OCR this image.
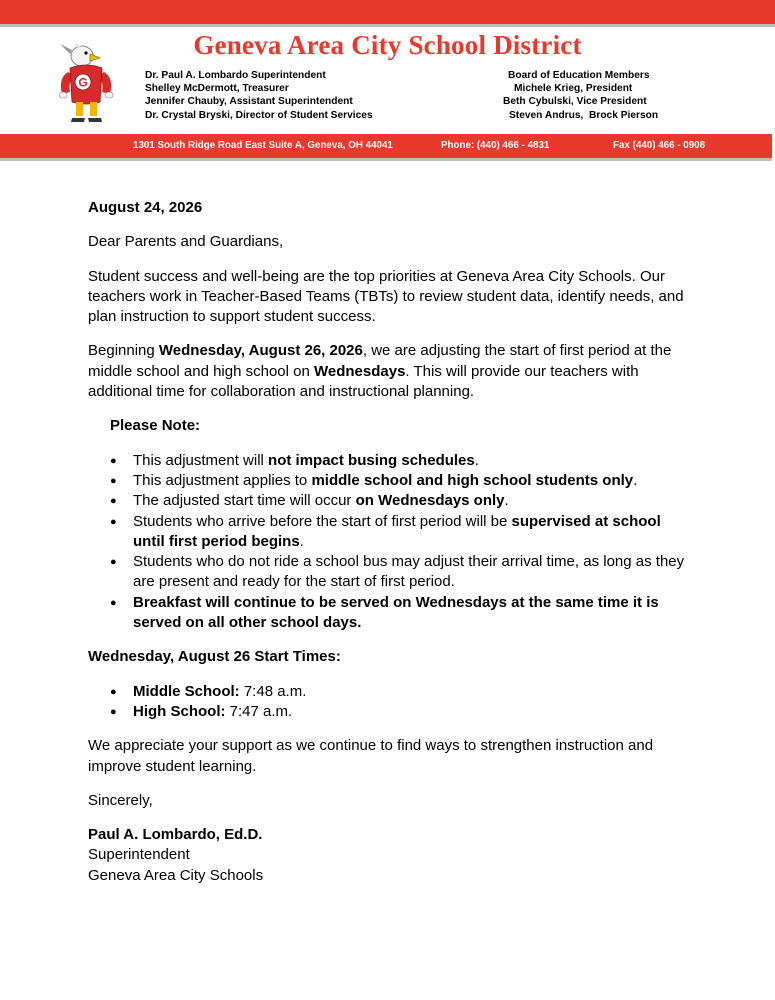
Geneva Area City School District
G	Dr. Paul A. Lombardo Superintendent
Shelley McDermott, Treasurer
Jennifer Chauby, Assistant Superintendent
Dr. Crystal Bryski, Director of Student Services
Board of Education Members
Michele Krieg, President
Beth Cybulski, Vice President
Steven Andrus,  Brock Pierson
1301 South Ridge Road East Suite A, Geneva, OH 44041	Phone: (440) 466 - 4831	Fax (440) 466 - 0908

August 24, 2026

Dear Parents and Guardians,

Student success and well-being are the top priorities at Geneva Area City Schools. Our teachers work in Teacher-Based Teams (TBTs) to review student data, identify needs, and plan instruction to support student success.

Beginning Wednesday, August 26, 2026, we are adjusting the start of first period at the middle school and high school on Wednesdays. This will provide our teachers with additional time for collaboration and instructional planning.

Please Note:

● This adjustment will not impact busing schedules.
● This adjustment applies to middle school and high school students only.
● The adjusted start time will occur on Wednesdays only.
● Students who arrive before the start of first period will be supervised at school until first period begins.
● Students who do not ride a school bus may adjust their arrival time, as long as they are present and ready for the start of first period.
● Breakfast will continue to be served on Wednesdays at the same time it is served on all other school days.

Wednesday, August 26 Start Times:

● Middle School: 7:48 a.m.
● High School: 7:47 a.m.

We appreciate your support as we continue to find ways to strengthen instruction and improve student learning.

Sincerely,

Paul A. Lombardo, Ed.D.

Superintendent

Geneva Area City Schools
